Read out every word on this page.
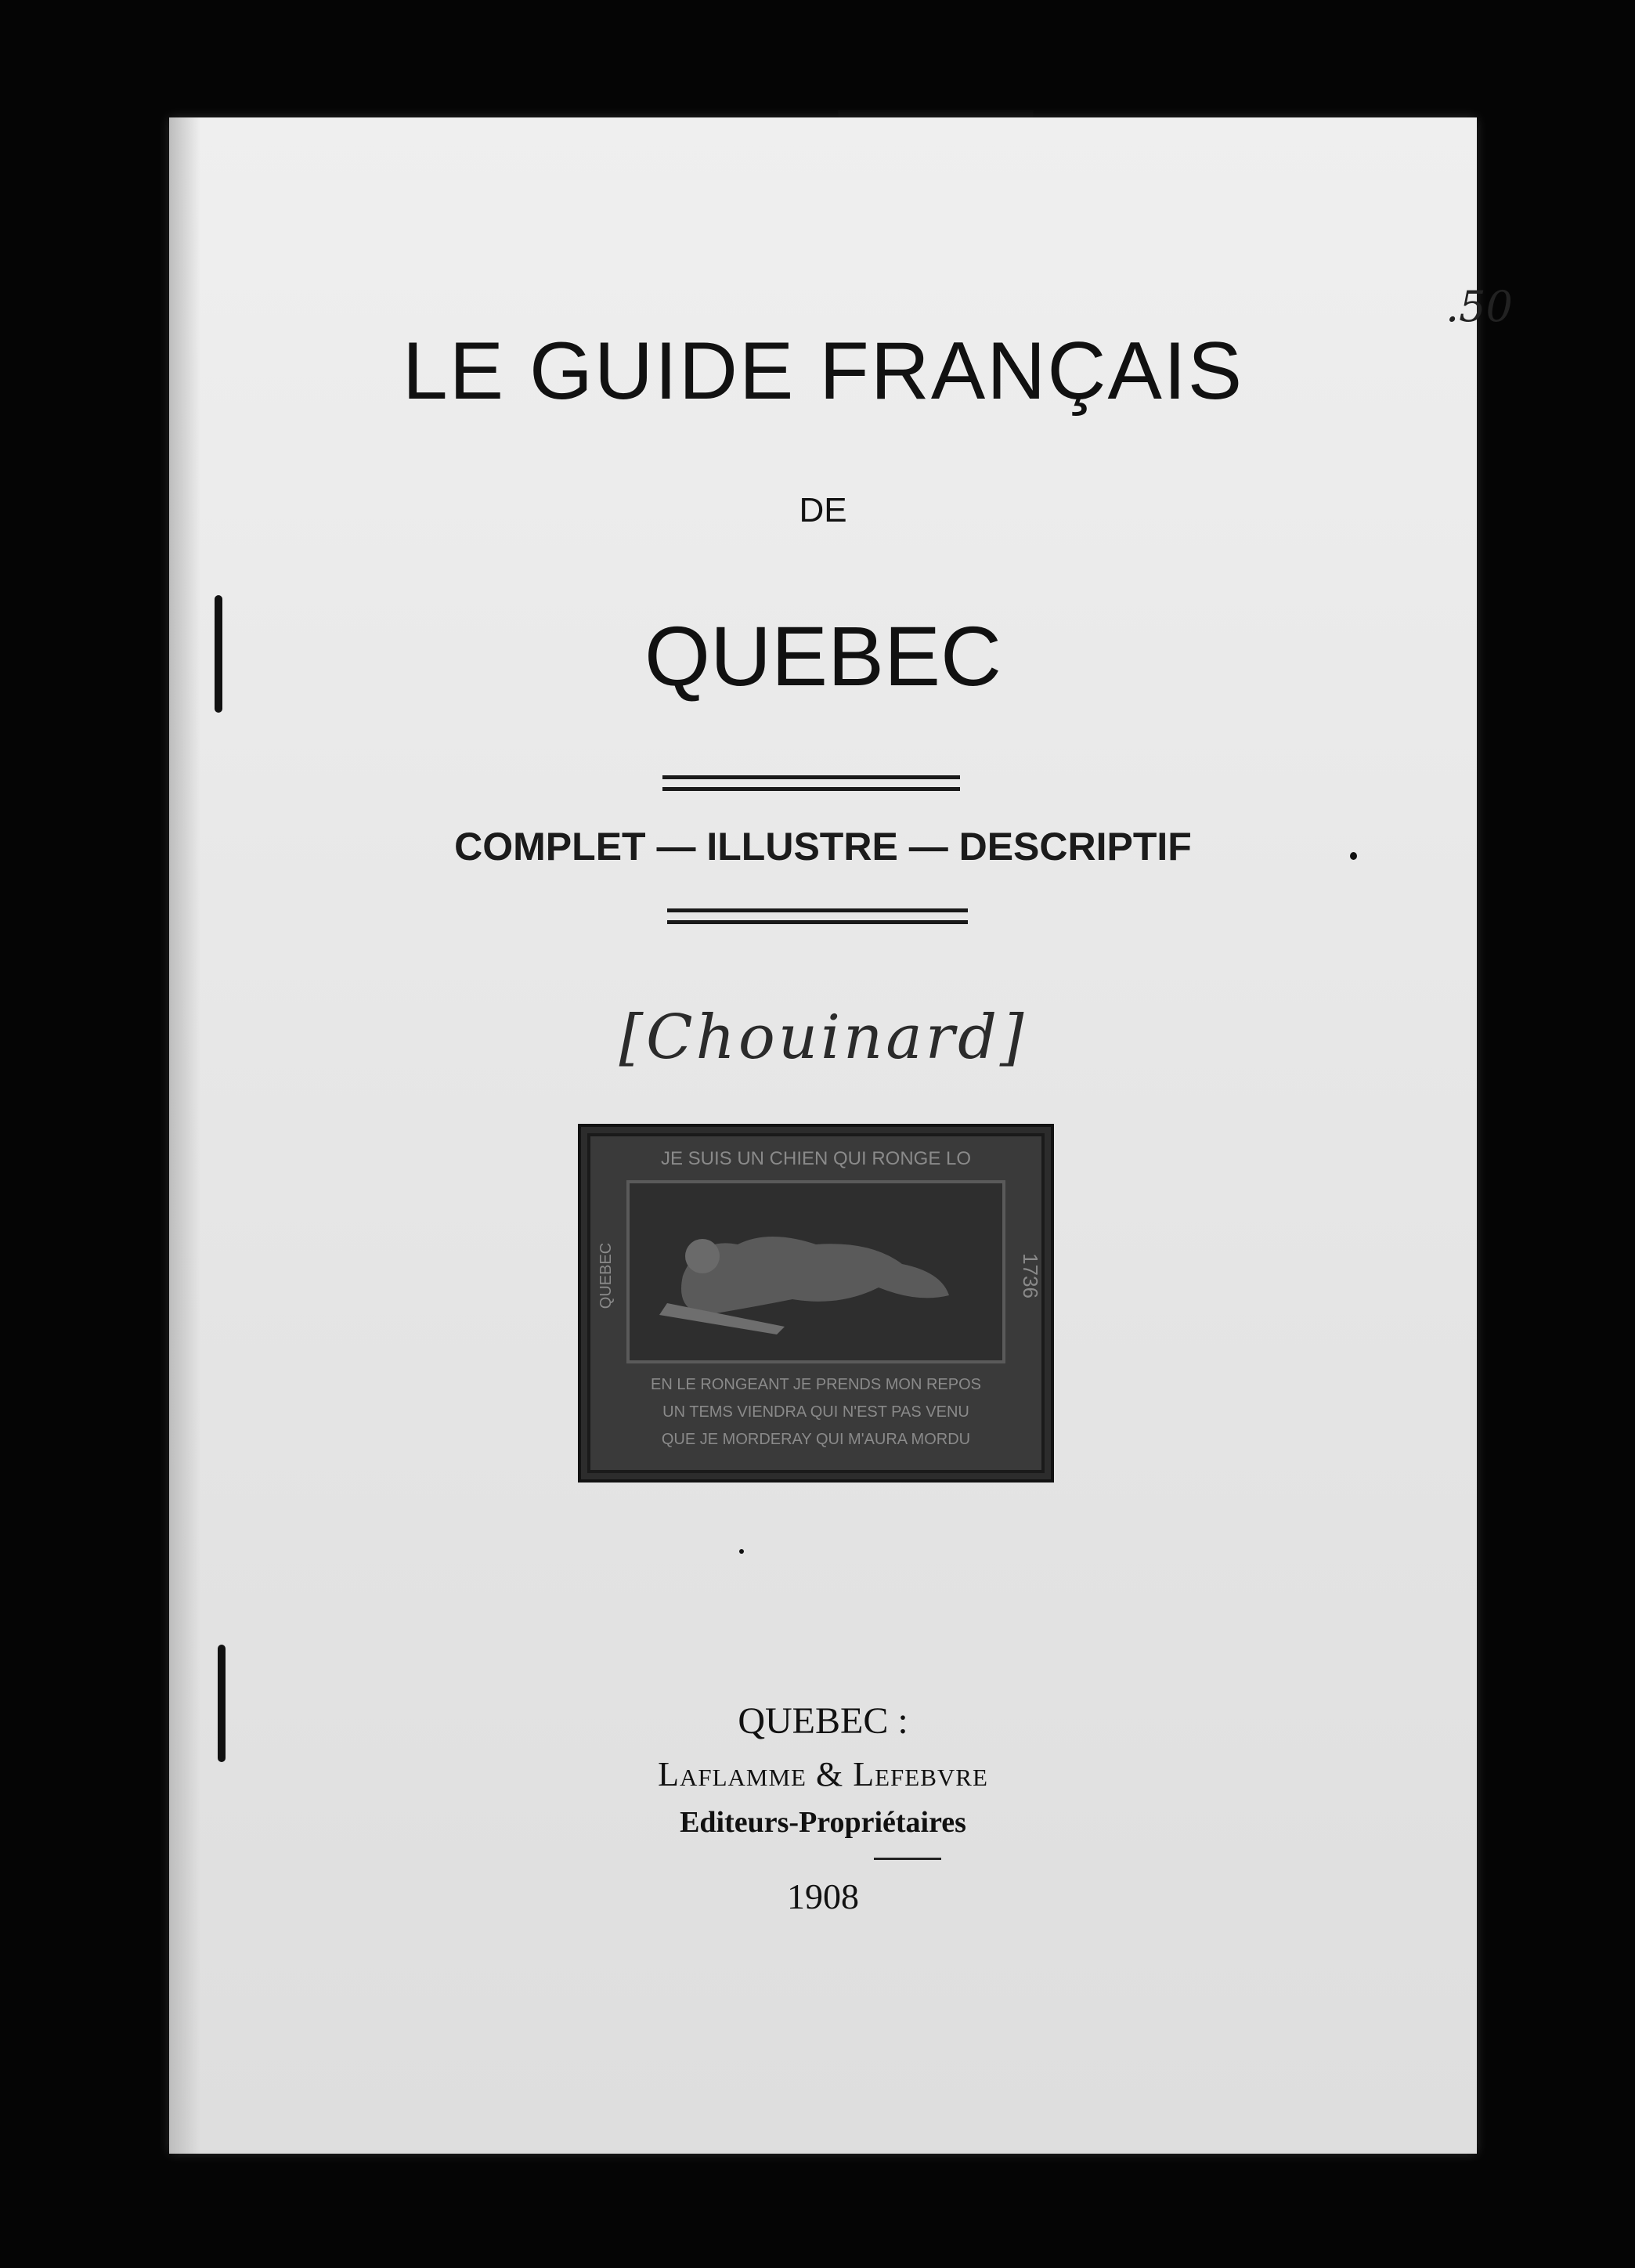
.50
LE GUIDE FRANÇAIS
DE
QUEBEC
COMPLET — ILLUSTRE — DESCRIPTIF
[Chouinard]
JE SUIS UN CHIEN QUI RONGE LO
EN LE RONGEANT JE PRENDS MON REPOS
UN TEMS VIENDRA QUI N'EST PAS VENU
QUE JE MORDERAY QUI M'AURA MORDU
QUEBEC	1736
QUEBEC :
Laflamme & Lefebvre
Editeurs-Propriétaires
1908
